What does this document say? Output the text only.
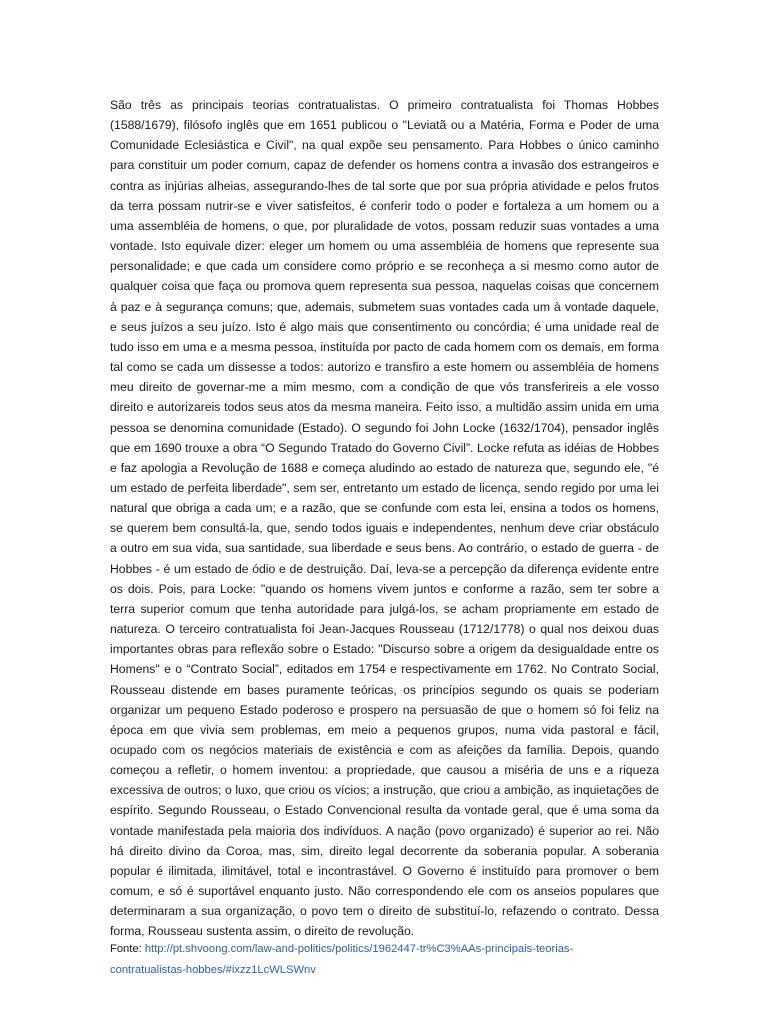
São três as principais teorias contratualistas. O primeiro contratualista foi Thomas Hobbes (1588/1679), filósofo inglês que em 1651 publicou o "Leviatã ou a Matéria, Forma e Poder de uma Comunidade Eclesiástica e Civil", na qual expõe seu pensamento. Para Hobbes o único caminho para constituir um poder comum, capaz de defender os homens contra a invasão dos estrangeiros e contra as injúrias alheias, assegurando-lhes de tal sorte que por sua própria atividade e pelos frutos da terra possam nutrir-se e viver satisfeitos, é conferir todo o poder e fortaleza a um homem ou a uma assembléia de homens, o que, por pluralidade de votos, possam reduzir suas vontades a uma vontade. Isto equivale dizer: eleger um homem ou uma assembléia de homens que represente sua personalidade; e que cada um considere como próprio e se reconheça a si mesmo como autor de qualquer coisa que faça ou promova quem representa sua pessoa, naquelas coisas que concernem à paz e à segurança comuns; que, ademais, submetem suas vontades cada um à vontade daquele, e seus juízos a seu juízo. Isto é algo mais que consentimento ou concórdia; é uma unidade real de tudo isso em uma e a mesma pessoa, instituída por pacto de cada homem com os demais, em forma tal como se cada um dissesse a todos: autorizo e transfiro a este homem ou assembléia de homens meu direito de governar-me a mim mesmo, com a condição de que vós transferireis a ele vosso direito e autorizareis todos seus atos da mesma maneira. Feito isso, a multidão assim unida em uma pessoa se denomina comunidade (Estado). O segundo foi John Locke (1632/1704), pensador inglês que em 1690 trouxe a obra “O Segundo Tratado do Governo Civil”. Locke refuta as idéias de Hobbes e faz apologia a Revolução de 1688 e começa aludindo ao estado de natureza que, segundo ele, "é um estado de perfeita liberdade", sem ser, entretanto um estado de licença, sendo regido por uma lei natural que obriga a cada um; e a razão, que se confunde com esta lei, ensina a todos os homens, se querem bem consultá-la, que, sendo todos iguais e independentes, nenhum deve criar obstáculo a outro em sua vida, sua santidade, sua liberdade e seus bens. Ao contrário, o estado de guerra - de Hobbes - é um estado de ódio e de destruição. Daí, leva-se a percepção da diferença evidente entre os dois. Pois, para Locke: "quando os homens vivem juntos e conforme a razão, sem ter sobre a terra superior comum que tenha autoridade para julgá-los, se acham propriamente em estado de natureza. O terceiro contratualista foi Jean-Jacques Rousseau (1712/1778) o qual nos deixou duas importantes obras para reflexão sobre o Estado: "Discurso sobre a origem da desigualdade entre os Homens" e o “Contrato Social”, editados em 1754 e respectivamente em 1762. No Contrato Social, Rousseau distende em bases puramente teóricas, os princípios segundo os quais se poderiam organizar um pequeno Estado poderoso e prospero na persuasão de que o homem só foi feliz na época em que vivia sem problemas, em meio a pequenos grupos, numa vida pastoral e fácil, ocupado com os negócios materiais de existência e com as afeições da família. Depois, quando começou a refletir, o homem inventou: a propriedade, que causou a miséria de uns e a riqueza excessiva de outros; o luxo, que criou os vícios; a instrução, que criou a ambição, as inquietações de espírito. Segundo Rousseau, o Estado Convencional resulta da vontade geral, que é uma soma da vontade manifestada pela maioria dos indivíduos. A nação (povo organizado) é superior ao rei. Não há direito divino da Coroa, mas, sim, direito legal decorrente da soberania popular. A soberania popular é ilimitada, ilimitável, total e incontrastável. O Governo é instituído para promover o bem comum, e só é suportável enquanto justo. Não correspondendo ele com os anseios populares que determinaram a sua organização, o povo tem o direito de substituí-lo, refazendo o contrato. Dessa forma, Rousseau sustenta assim, o direito de revolução.

Fonte: http://pt.shvoong.com/law-and-politics/politics/1962447-tr%C3%AAs-principais-teorias-
contratualistas-hobbes/#ixzz1LcWLSWnv
